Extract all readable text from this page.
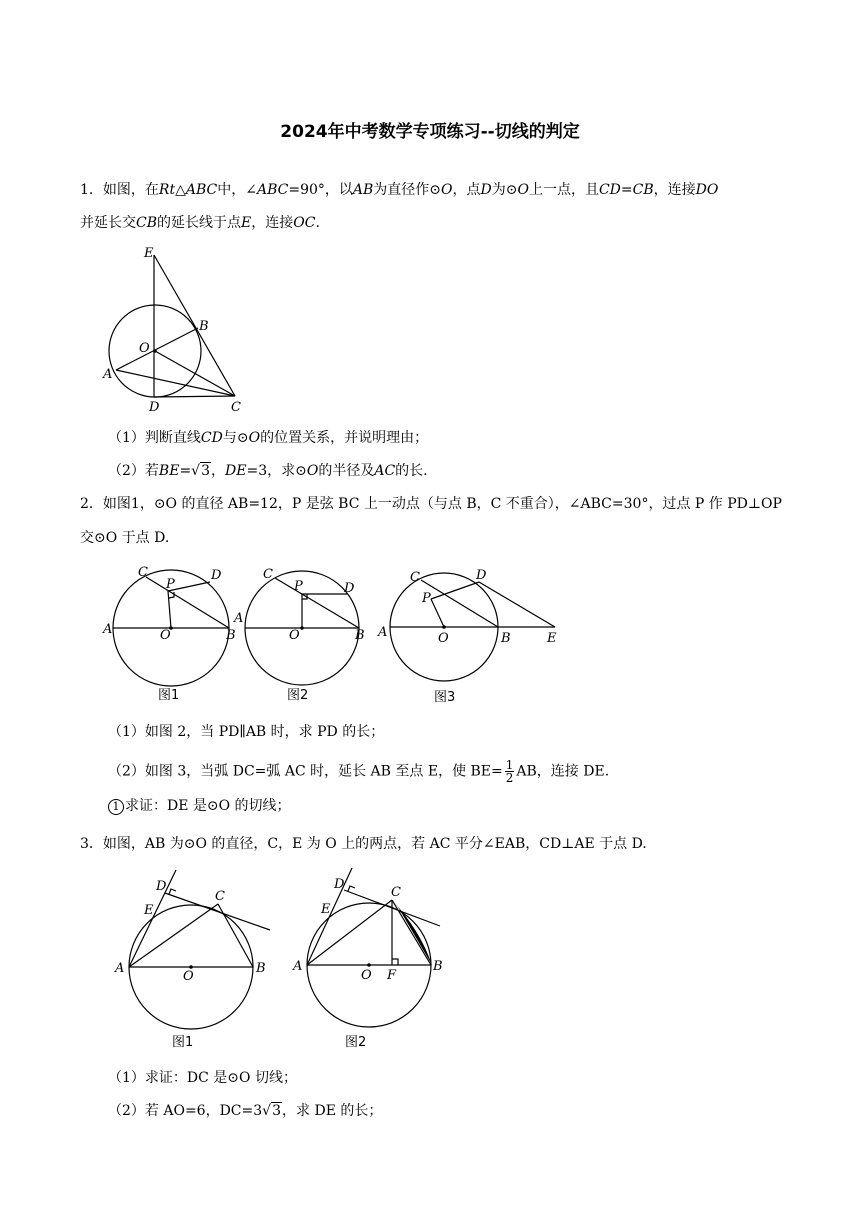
2024年中考数学专项练习--切线的判定
1．如图，在Rt△ABC中，∠ABC=90°，以AB为直径作⊙O，点D为⊙O上一点，且CD=CB，连接DO
并延长交CB的延长线于点E，连接OC.
E
B
O
A
D	C
（1）判断直线CD与⊙O的位置关系，并说明理由；
（2）若BE=√3，DE=3，求⊙O的半径及AC的长.
2．如图1，⊙O 的直径 AB=12，P 是弦 BC 上一动点（与点 B，C 不重合），∠ABC=30°，过点 P 作 PD⊥OP
交⊙O 于点 D.
C
P
D
A	O	B
图1
C
P	D
A
O	B
图2
C
P
D
A	O	B	E
图3
（1）如图 2，当 PD∥AB 时，求 PD 的长；
（2）如图 3，当弧 DC=弧 AC 时，延长 AB 至点 E，使 $BE= \frac{1}{2}$ AB，连接 DE.
1 求证：DE 是⊙O 的切线；
3．如图，AB 为⊙O 的直径，C，E 为 O 上的两点，若 AC 平分∠EAB，CD⊥AE 于点 D.
D
C
E
A
O
B
图1
D
C
E
A
O F
B
图2
（1）求证：DC 是⊙O 切线；
（2）若 AO=6，DC=3√3，求 DE 的长；
